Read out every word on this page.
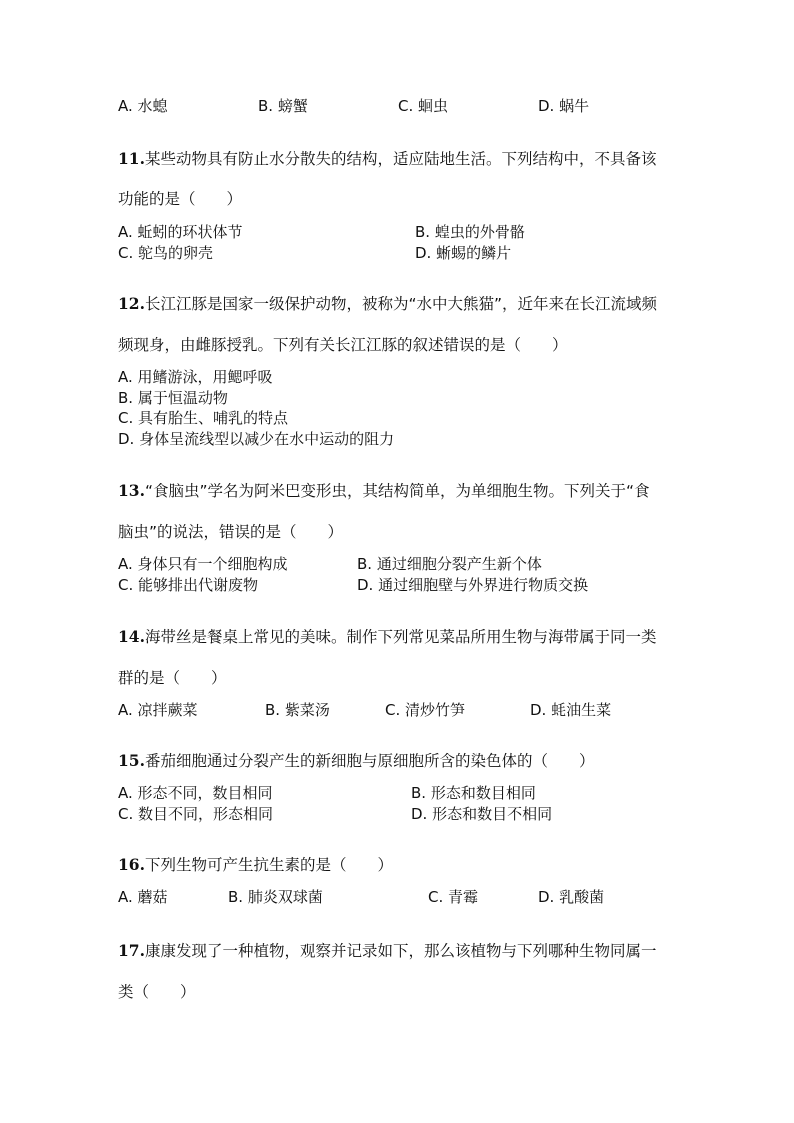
A. 水螅	B. 螃蟹	C. 蛔虫	D. 蜗牛
11.某些动物具有防止水分散失的结构，适应陆地生活。下列结构中，不具备该
功能的是（　　）
A. 蚯蚓的环状体节	B. 蝗虫的外骨骼
C. 鸵鸟的卵壳	D. 蜥蜴的鳞片
12.长江江豚是国家一级保护动物，被称为“水中大熊猫”，近年来在长江流域频
频现身，由雌豚授乳。下列有关长江江豚的叙述错误的是（　　）
A. 用鳍游泳，用鳃呼吸
B. 属于恒温动物
C. 具有胎生、哺乳的特点
D. 身体呈流线型以减少在水中运动的阻力
13.“食脑虫”学名为阿米巴变形虫，其结构简单，为单细胞生物。下列关于“食
脑虫”的说法，错误的是（　　）
A. 身体只有一个细胞构成	B. 通过细胞分裂产生新个体
C. 能够排出代谢废物	D. 通过细胞壁与外界进行物质交换
14.海带丝是餐桌上常见的美味。制作下列常见菜品所用生物与海带属于同一类
群的是（　　）
A. 凉拌蕨菜	B. 紫菜汤	C. 清炒竹笋	D. 蚝油生菜
15.番茄细胞通过分裂产生的新细胞与原细胞所含的染色体的（　　）
A. 形态不同，数目相同	B. 形态和数目相同
C. 数目不同，形态相同	D. 形态和数目不相同
16.下列生物可产生抗生素的是（　　）
A. 蘑菇	B. 肺炎双球菌	C. 青霉	D. 乳酸菌
17.康康发现了一种植物，观察并记录如下，那么该植物与下列哪种生物同属一
类（　　）
